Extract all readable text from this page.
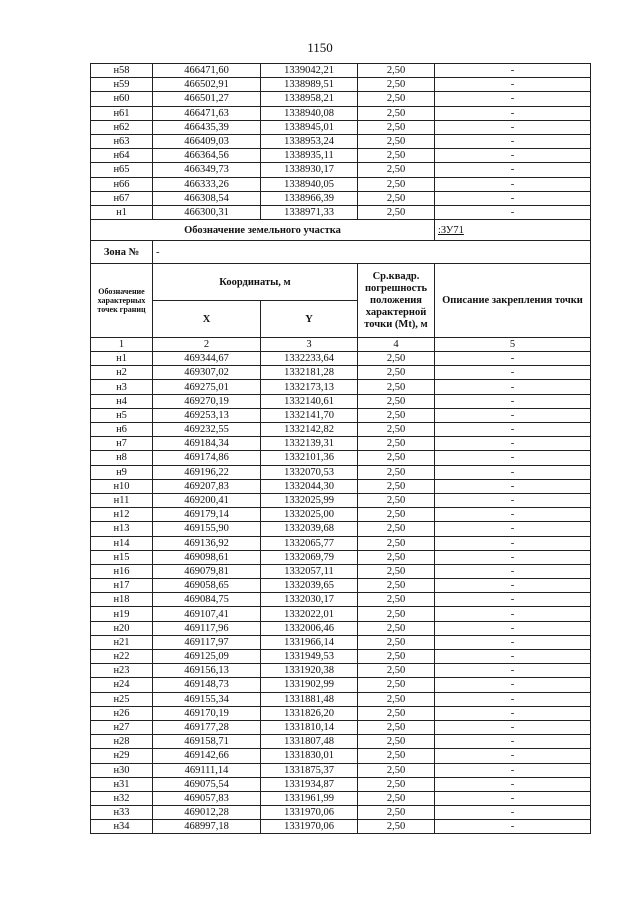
1150
н58	466471,60	1339042,21	2,50	-
н59	466502,91	1338989,51	2,50	-
н60	466501,27	1338958,21	2,50	-
н61	466471,63	1338940,08	2,50	-
н62	466435,39	1338945,01	2,50	-
н63	466409,03	1338953,24	2,50	-
н64	466364,56	1338935,11	2,50	-
н65	466349,73	1338930,17	2,50	-
н66	466333,26	1338940,05	2,50	-
н67	466308,54	1338966,39	2,50	-
н1	466300,31	1338971,33	2,50	-
Обозначение земельного участка				:ЗУ71
Зона №	-			
Обозначение характерных точек границ	Координаты, м		Ср.квадр. погрешность положения характерной точки (Mt), м	Описание закрепления точки
	X	Y		
1	2	3	4	5
н1	469344,67	1332233,64	2,50	-
н2	469307,02	1332181,28	2,50	-
н3	469275,01	1332173,13	2,50	-
н4	469270,19	1332140,61	2,50	-
н5	469253,13	1332141,70	2,50	-
н6	469232,55	1332142,82	2,50	-
н7	469184,34	1332139,31	2,50	-
н8	469174,86	1332101,36	2,50	-
н9	469196,22	1332070,53	2,50	-
н10	469207,83	1332044,30	2,50	-
н11	469200,41	1332025,99	2,50	-
н12	469179,14	1332025,00	2,50	-
н13	469155,90	1332039,68	2,50	-
н14	469136,92	1332065,77	2,50	-
н15	469098,61	1332069,79	2,50	-
н16	469079,81	1332057,11	2,50	-
н17	469058,65	1332039,65	2,50	-
н18	469084,75	1332030,17	2,50	-
н19	469107,41	1332022,01	2,50	-
н20	469117,96	1332006,46	2,50	-
н21	469117,97	1331966,14	2,50	-
н22	469125,09	1331949,53	2,50	-
н23	469156,13	1331920,38	2,50	-
н24	469148,73	1331902,99	2,50	-
н25	469155,34	1331881,48	2,50	-
н26	469170,19	1331826,20	2,50	-
н27	469177,28	1331810,14	2,50	-
н28	469158,71	1331807,48	2,50	-
н29	469142,66	1331830,01	2,50	-
н30	469111,14	1331875,37	2,50	-
н31	469075,54	1331934,87	2,50	-
н32	469057,83	1331961,99	2,50	-
н33	469012,28	1331970,06	2,50	-
н34	468997,18	1331970,06	2,50	-
